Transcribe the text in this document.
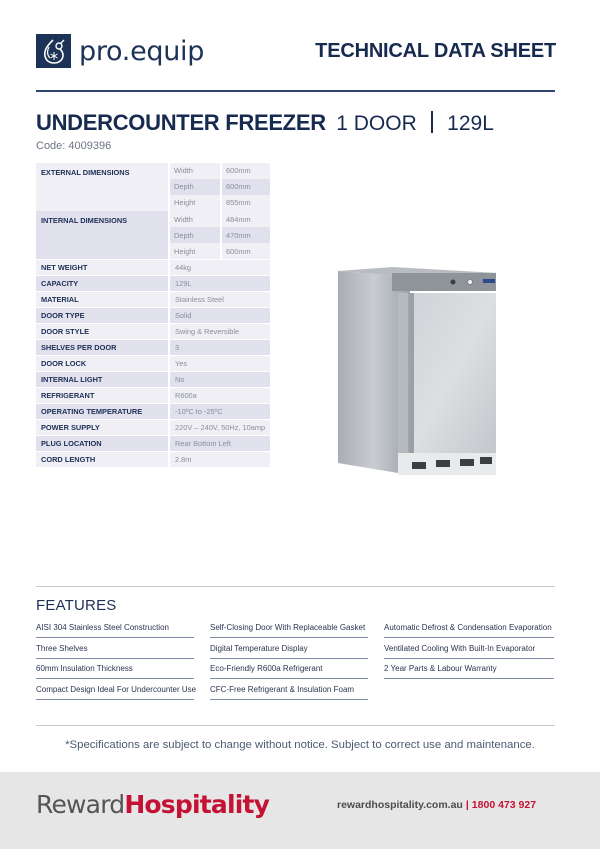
pro.equip	TECHNICAL DATA SHEET
UNDERCOUNTER FREEZER 1 DOOR 129L
Code: 4009396
EXTERNAL DIMENSIONS	Width	600mm
Depth	600mm
Height	855mm
INTERNAL DIMENSIONS	Width	484mm
Depth	470mm
Height	600mm
NET WEIGHT	44kg
CAPACITY	129L
MATERIAL	Stainless Steel
DOOR TYPE	Solid
DOOR STYLE	Swing & Reversible
SHELVES PER DOOR	3
DOOR LOCK	Yes
INTERNAL LIGHT	No
REFRIGERANT	R600a
OPERATING TEMPERATURE	-10ºC to -25ºC
POWER SUPPLY	220V – 240V, 50Hz, 10amp
PLUG LOCATION	Rear Bottom Left
CORD LENGTH	2.8m
FEATURES
AISI 304 Stainless Steel Construction
Three Shelves
60mm Insulation Thickness
Compact Design Ideal For Undercounter Use
Self-Closing Door With Replaceable Gasket
Digital Temperature Display
Eco-Friendly R600a Refrigerant
CFC-Free Refrigerant & Insulation Foam
Automatic Defrost & Condensation Evaporation
Ventilated Cooling With Built-In Evaporator
2 Year Parts & Labour Warranty
*Specifications are subject to change without notice. Subject to correct use and maintenance.
RewardHospitality	rewardhospitality.com.au | 1800 473 927
